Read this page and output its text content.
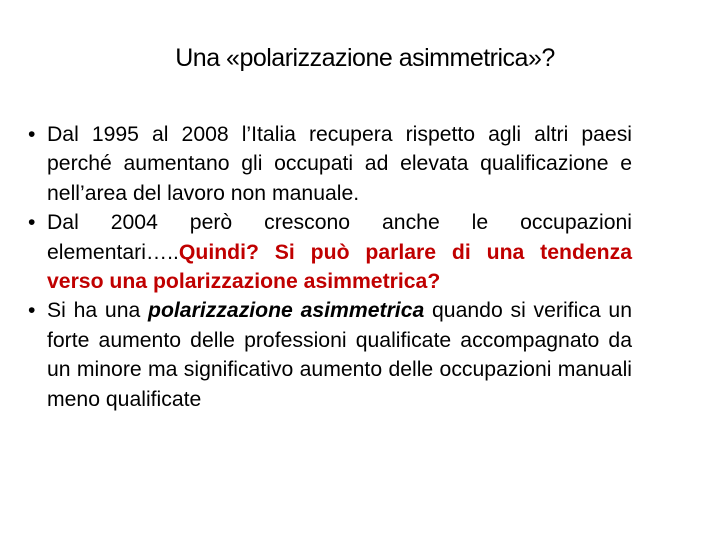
Una «polarizzazione asimmetrica»?
• Dal 1995 al 2008 l’Italia recupera rispetto agli altri paesi perché aumentano gli occupati ad elevata qualificazione e nell’area del lavoro non manuale.
• Dal 2004 però crescono anche le occupazioni elementari…..Quindi? Si può parlare di una tendenza verso una polarizzazione asimmetrica?
• Si ha una polarizzazione asimmetrica quando si verifica un forte aumento delle professioni qualificate accompagnato da un minore ma significativo aumento delle occupazioni manuali meno qualificate
